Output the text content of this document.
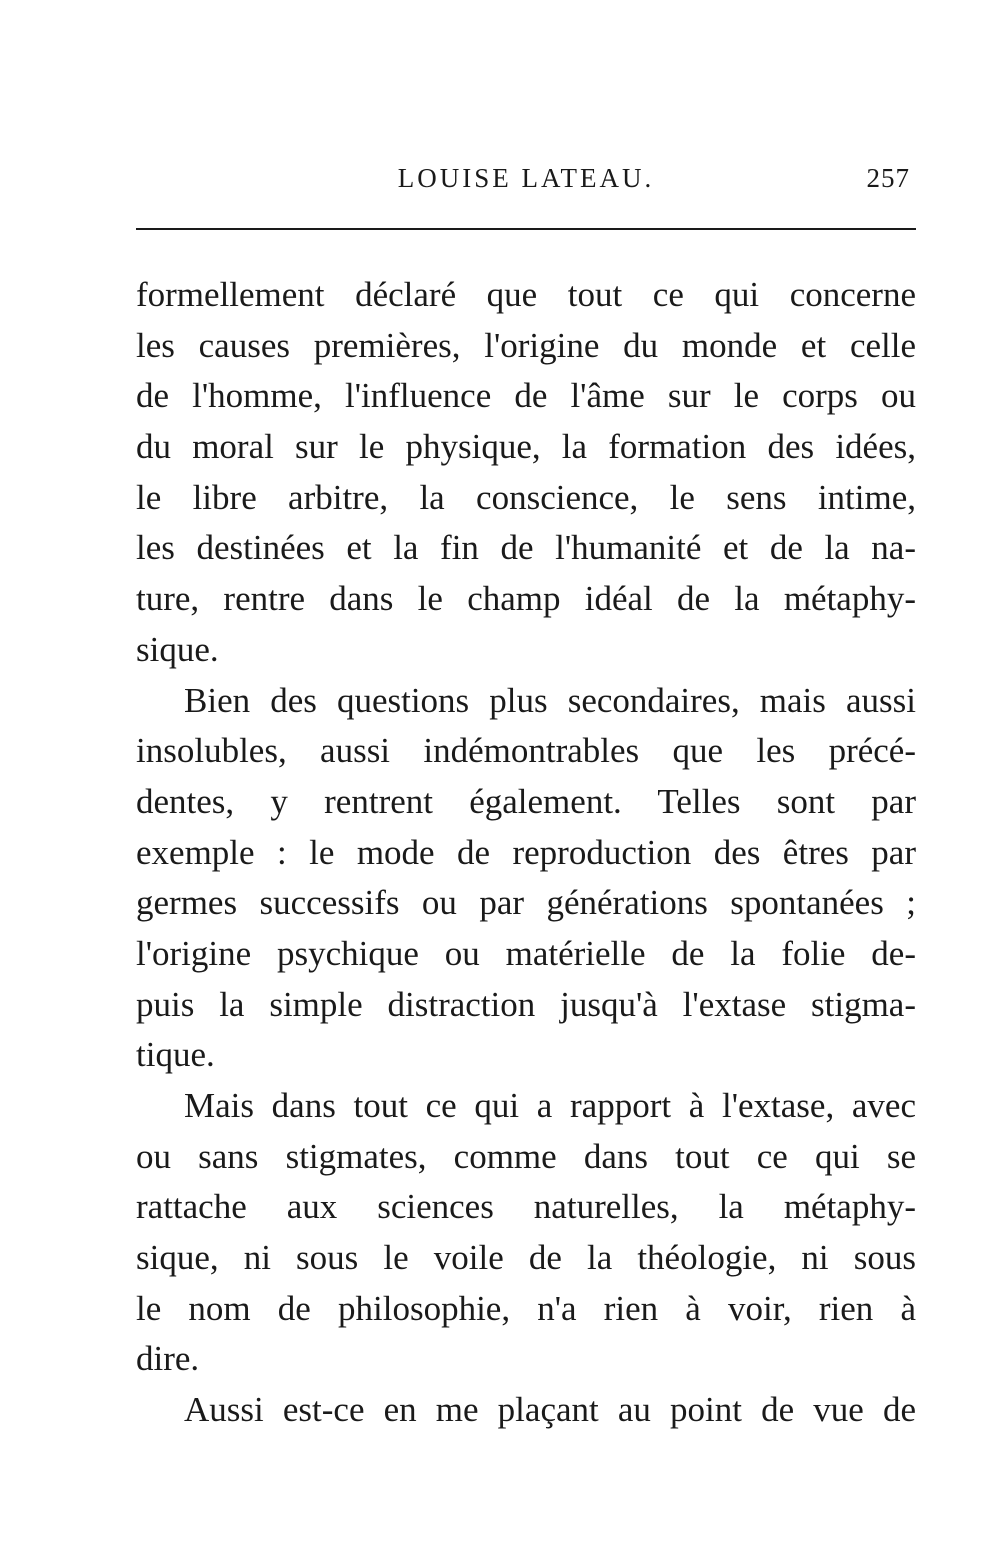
LOUISE LATEAU.	257
formellement déclaré que tout ce qui concerne
les causes premières, l'origine du monde et celle
de l'homme, l'influence de l'âme sur le corps ou
du moral sur le physique, la formation des idées,
le libre arbitre, la conscience, le sens intime,
les destinées et la fin de l'humanité et de la na-
ture, rentre dans le champ idéal de la métaphy-
sique.
Bien des questions plus secondaires, mais aussi
insolubles, aussi indémontrables que les précé-
dentes, y rentrent également. Telles sont par
exemple : le mode de reproduction des êtres par
germes successifs ou par générations spontanées ;
l'origine psychique ou matérielle de la folie de-
puis la simple distraction jusqu'à l'extase stigma-
tique.
Mais dans tout ce qui a rapport à l'extase, avec
ou sans stigmates, comme dans tout ce qui se
rattache aux sciences naturelles, la métaphy-
sique, ni sous le voile de la théologie, ni sous
le nom de philosophie, n'a rien à voir, rien à
dire.
Aussi est-ce en me plaçant au point de vue de
